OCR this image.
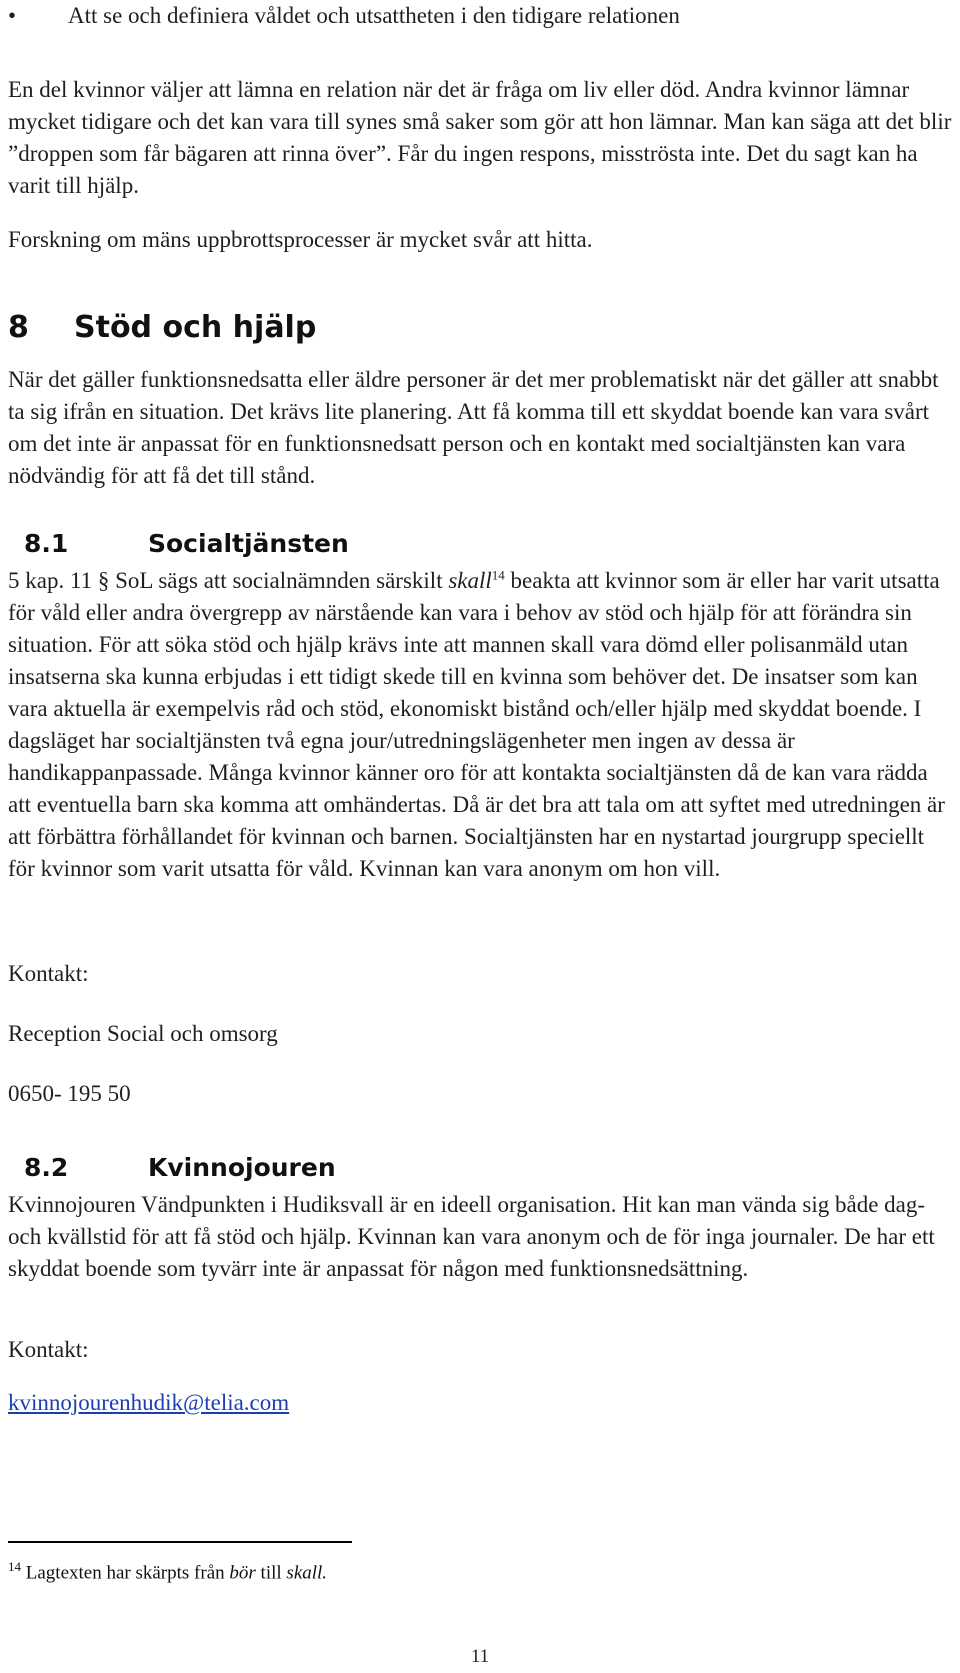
•	Att se och definiera våldet och utsattheten i den tidigare relationen

En del kvinnor väljer att lämna en relation när det är fråga om liv eller död. Andra kvinnor lämnar mycket tidigare och det kan vara till synes små saker som gör att hon lämnar. Man kan säga att det blir ”droppen som får bägaren att rinna över”. Får du ingen respons, misströsta inte. Det du sagt kan ha varit till hjälp.

Forskning om mäns uppbrottsprocesser är mycket svår att hitta.

8	Stöd och hjälp

När det gäller funktionsnedsatta eller äldre personer är det mer problematiskt när det gäller att snabbt ta sig ifrån en situation. Det krävs lite planering. Att få komma till ett skyddat boende kan vara svårt om det inte är anpassat för en funktionsnedsatt person och en kontakt med socialtjänsten kan vara nödvändig för att få det till stånd.

8.1	Socialtjänsten

5 kap. 11 § SoL sägs att socialnämnden särskilt skall$^{14}$ beakta att kvinnor som är eller har varit utsatta för våld eller andra övergrepp av närstående kan vara i behov av stöd och hjälp för att förändra sin situation. För att söka stöd och hjälp krävs inte att mannen skall vara dömd eller polisanmäld utan insatserna ska kunna erbjudas i ett tidigt skede till en kvinna som behöver det. De insatser som kan vara aktuella är exempelvis råd och stöd, ekonomiskt bistånd och/eller hjälp med skyddat boende. I dagsläget har socialtjänsten två egna jour/utredningslägenheter men ingen av dessa är handikappanpassade. Många kvinnor känner oro för att kontakta socialtjänsten då de kan vara rädda att eventuella barn ska komma att omhändertas. Då är det bra att tala om att syftet med utredningen är att förbättra förhållandet för kvinnan och barnen. Socialtjänsten har en nystartad jourgrupp speciellt för kvinnor som varit utsatta för våld. Kvinnan kan vara anonym om hon vill.

Kontakt:

Reception Social och omsorg

0650- 195 50

8.2	Kvinnojouren

Kvinnojouren Vändpunkten i Hudiksvall är en ideell organisation. Hit kan man vända sig både dag- och kvällstid för att få stöd och hjälp. Kvinnan kan vara anonym och de för inga journaler. De har ett skyddat boende som tyvärr inte är anpassat för någon med funktionsnedsättning.

Kontakt:

kvinnojourenhudik@telia.com

$^{14}$ Lagtexten har skärpts från bör till skall.
11
